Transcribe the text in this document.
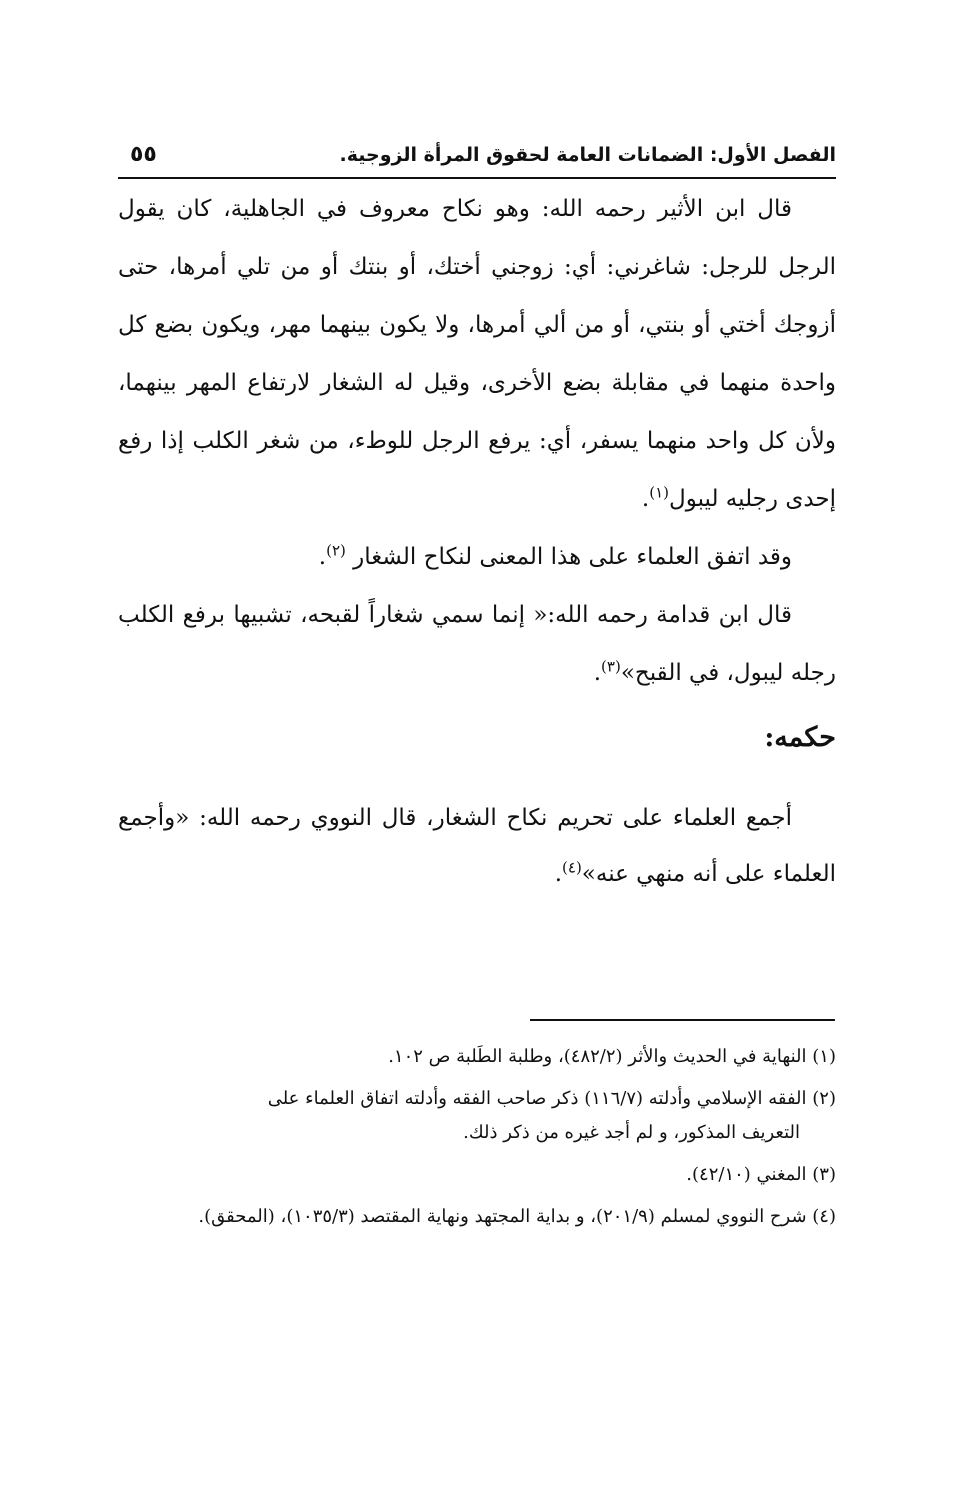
الفصل الأول: الضمانات العامة لحقوق المرأة الزوجية.
٥٥

قال ابن الأثير رحمه الله: وهو نكاح معروف في الجاهلية، كان يقول الرجل للرجل: شاغرني: أي: زوجني أختك، أو بنتك أو من تلي أمرها، حتى أزوجك أختي أو بنتي، أو من ألي أمرها، ولا يكون بينهما مهر، ويكون بضع كل واحدة منهما في مقابلة بضع الأخرى، وقيل له الشغار لارتفاع المهر بينهما، ولأن كل واحد منهما يسفر، أي: يرفع الرجل للوطء، من شغر الكلب إذا رفع إحدى رجليه ليبول$^{(١)}$.

وقد اتفق العلماء على هذا المعنى لنكاح الشغار $^{(٢)}$.

قال ابن قدامة رحمه الله:« إنما سمي شغاراً لقبحه، تشبيها برفع الكلب رجله ليبول، في القبح»$^{(٣)}$.

حكمه:

أجمع العلماء على تحريم نكاح الشغار، قال النووي رحمه الله: «وأجمع العلماء على أنه منهي عنه»$^{(٤)}$.

(١) النهاية في الحديث والأثر (٤٨٢/٢)، وطلبة الطَلبة ص ١٠٢.
(٢) الفقه الإسلامي وأدلته (١١٦/٧) ذكر صاحب الفقه وأدلته اتفاق العلماء على
التعريف المذكور، و لم أجد غيره من ذكر ذلك.
(٣) المغني (٤٢/١٠).
(٤) شرح النووي لمسلم (٢٠١/٩)، و بداية المجتهد ونهاية المقتصد (١٠٣٥/٣)، (المحقق).
